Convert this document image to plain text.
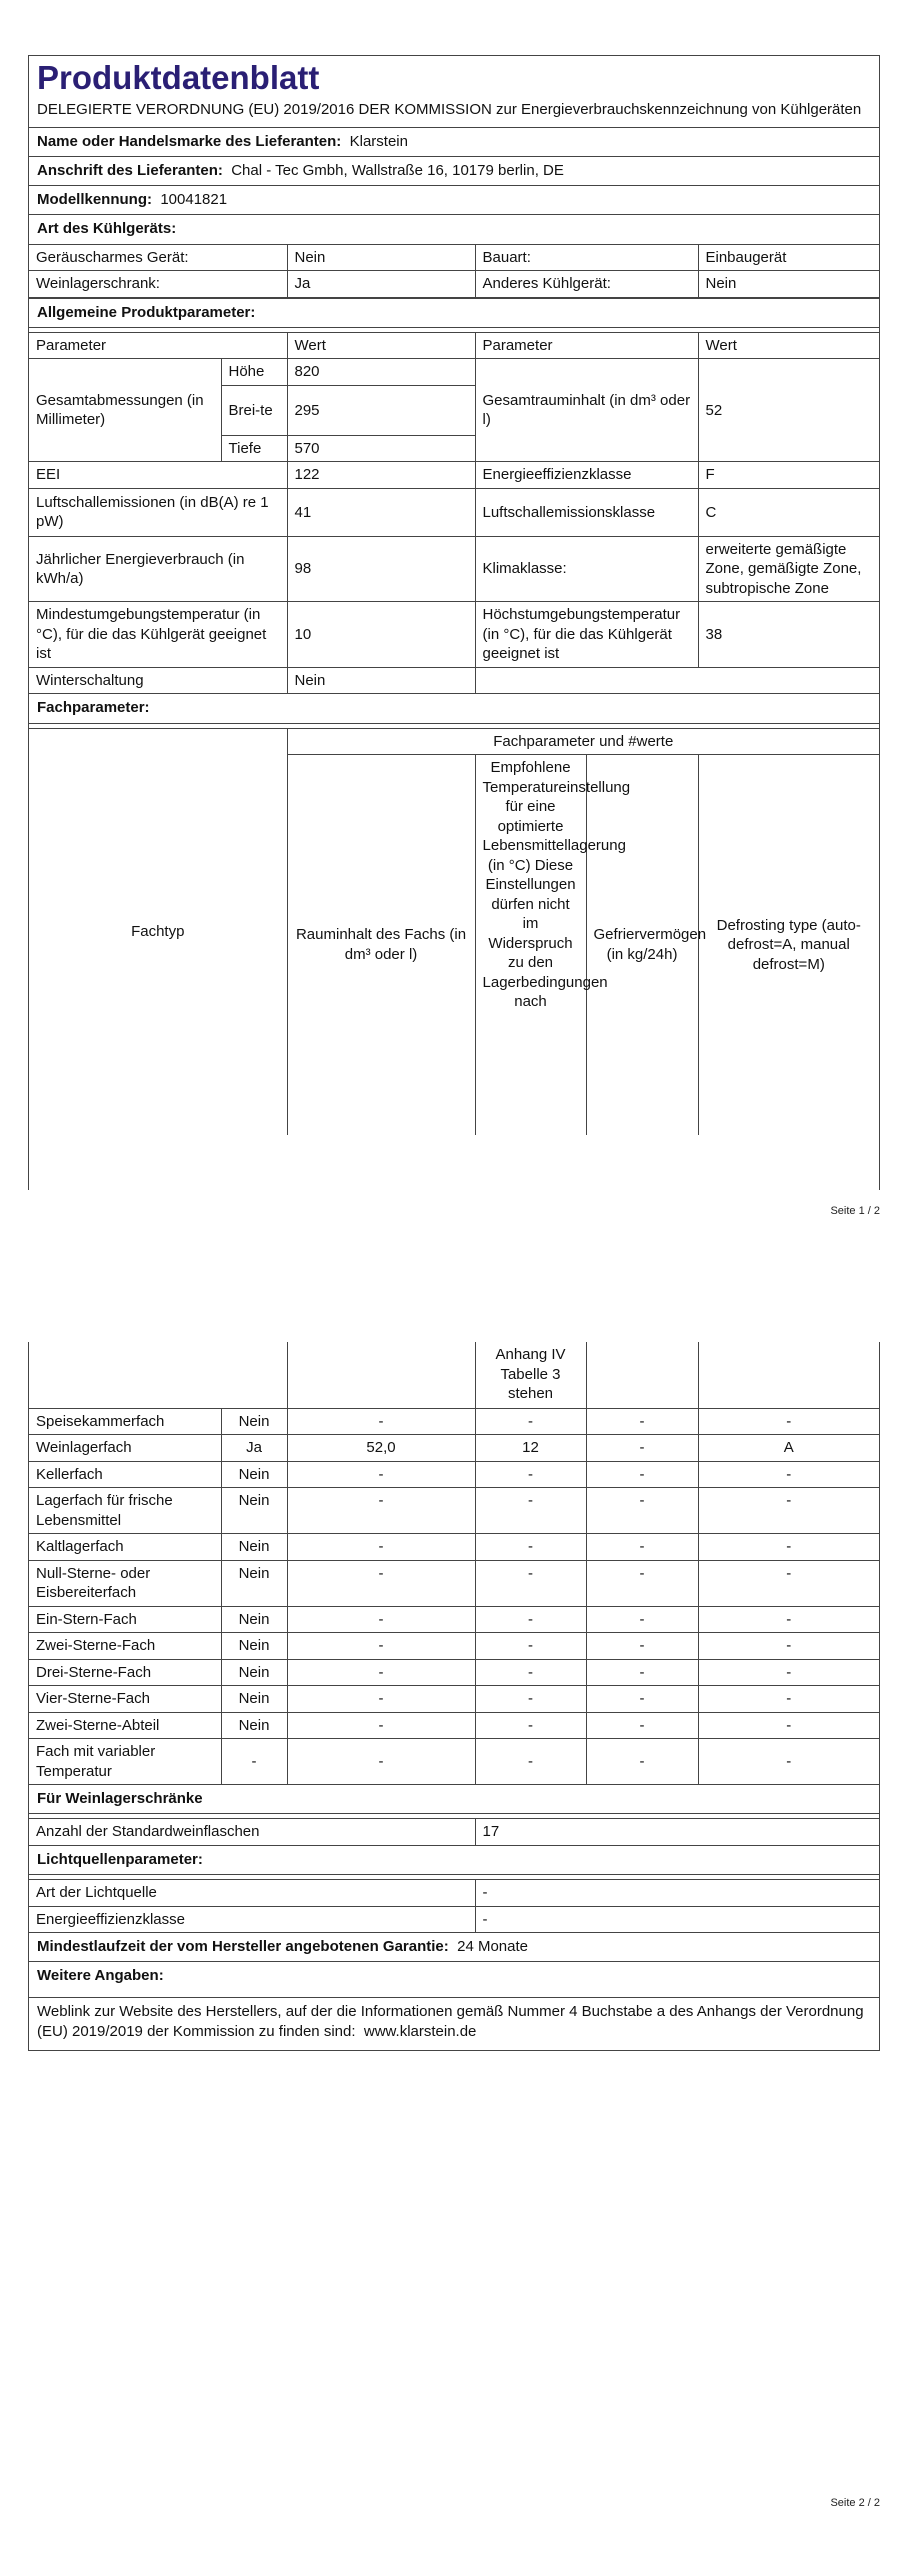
Produktdatenblatt
DELEGIERTE VERORDNUNG (EU) 2019/2016 DER KOMMISSION zur Energieverbrauchskennzeichnung von Kühlgeräten
Name oder Handelsmarke des Lieferanten: Klarstein
Anschrift des Lieferanten: Chal - Tec Gmbh, Wallstraße 16, 10179 berlin, DE
Modellkennung: 10041821
Art des Kühlgeräts:
Geräuscharmes Gerät:	Nein	Bauart:	Einbaugerät
Weinlagerschrank:	Ja	Anderes Kühlgerät:	Nein
Allgemeine Produktparameter:
Parameter		Wert	Parameter	Wert
Gesamtabmessungen (in Millimeter)	Höhe	820	Gesamtrauminhalt (in dm³ oder l)	52
	Brei-te	295		
	Tiefe	570		
EEI		122	Energieeffizienzklasse	F
Luftschallemissionen (in dB(A) re 1 pW)		41	Luftschallemissionsklasse	C
Jährlicher Energieverbrauch (in kWh/a)		98	Klimaklasse:	erweiterte gemäßigte Zone, gemäßigte Zone, subtropische Zone
Mindestumgebungstemperatur (in °C), für die das Kühlgerät geeignet ist		10	Höchstumgebungstemperatur (in °C), für die das Kühlgerät geeignet ist	38
Winterschaltung		Nein		
Fachparameter:
Fachtyp	Fachparameter und #werte			
	Rauminhalt des Fachs (in dm³ oder l)	Empfohlene Temperatureinstellung für eine optimierte Lebensmittellagerung (in °C) Diese Einstellungen dürfen nicht im Widerspruch zu den Lagerbedingungen nach	Gefriervermögen (in kg/24h)	Defrosting type (auto-defrost=A, manual defrost=M)
Seite 1 / 2
			Anhang IV Tabelle 3 stehen		
Speisekammerfach	Nein	-	-	-	-
Weinlagerfach	Ja	52,0	12	-	A
Kellerfach	Nein	-	-	-	-
Lagerfach für frische Lebensmittel	Nein	-	-	-	-
Kaltlagerfach	Nein	-	-	-	-
Null-Sterne- oder Eisbereiterfach	Nein	-	-	-	-
Ein-Stern-Fach	Nein	-	-	-	-
Zwei-Sterne-Fach	Nein	-	-	-	-
Drei-Sterne-Fach	Nein	-	-	-	-
Vier-Sterne-Fach	Nein	-	-	-	-
Zwei-Sterne-Abteil	Nein	-	-	-	-
Fach mit variabler Temperatur	-	-	-	-	-
Für Weinlagerschränke
Anzahl der Standardweinflaschen	17
Lichtquellenparameter:
Art der Lichtquelle	-
Energieeffizienzklasse	-
Mindestlaufzeit der vom Hersteller angebotenen Garantie: 24 Monate
Weitere Angaben:
Weblink zur Website des Herstellers, auf der die Informationen gemäß Nummer 4 Buchstabe a des Anhangs der Verordnung (EU) 2019/2019 der Kommission zu finden sind: www.klarstein.de
Seite 2 / 2
